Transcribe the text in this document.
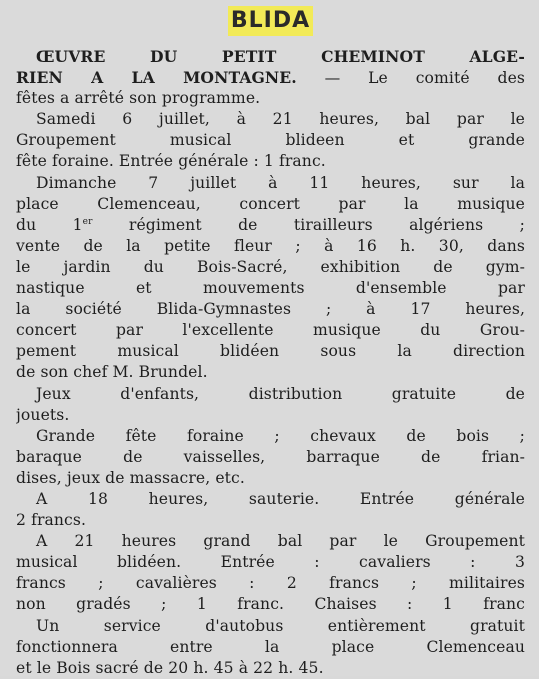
BLIDA
ŒUVRE DU PETIT CHEMINOT ALGE-
RIEN A LA MONTAGNE. — Le comité des
fêtes a arrêté son programme.
Samedi 6 juillet, à 21 heures, bal par le
Groupement musical blideen et grande
fête foraine. Entrée générale : 1 franc.
Dimanche 7 juillet à 11 heures, sur la
place Clemenceau, concert par la musique
du 1er régiment de tirailleurs algériens ;
vente de la petite fleur ; à 16 h. 30, dans
le jardin du Bois-Sacré, exhibition de gym-
nastique et mouvements d'ensemble par
la société Blida-Gymnastes ; à 17 heures,
concert par l'excellente musique du Grou-
pement musical blidéen sous la direction
de son chef M. Brundel.
Jeux d'enfants, distribution gratuite de
jouets.
Grande fête foraine ; chevaux de bois ;
baraque de vaisselles, barraque de frian-
dises, jeux de massacre, etc.
A 18 heures, sauterie. Entrée générale
2 francs.
A 21 heures grand bal par le Groupement
musical blidéen. Entrée : cavaliers : 3
francs ; cavalières : 2 francs ; militaires
non gradés ; 1 franc. Chaises : 1 franc
Un service d'autobus entièrement gratuit
fonctionnera entre la place Clemenceau
et le Bois sacré de 20 h. 45 à 22 h. 45.
